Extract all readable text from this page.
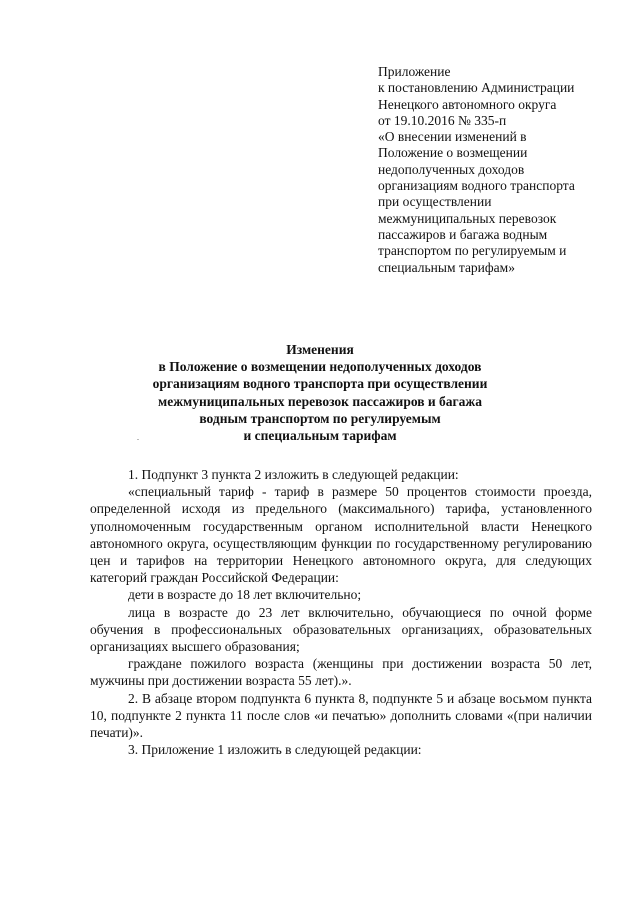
Приложение
к постановлению Администрации
Ненецкого автономного округа
от 19.10.2016 № 335-п
«О внесении изменений в
Положение о возмещении
недополученных доходов
организациям водного транспорта
при осуществлении
межмуниципальных перевозок
пассажиров и багажа водным
транспортом по регулируемым и
специальным тарифам»
Изменения
в Положение о возмещении недополученных доходов
организациям водного транспорта при осуществлении
межмуниципальных перевозок пассажиров и багажа
водным транспортом по регулируемым
и специальным тарифам

1. Подпункт 3 пункта 2 изложить в следующей редакции:

«специальный тариф - тариф в размере 50 процентов стоимости проезда, определенной исходя из предельного (максимального) тарифа, установленного уполномоченным государственным органом исполнительной власти Ненецкого автономного округа, осуществляющим функции по государственному регулированию цен и тарифов на территории Ненецкого автономного округа, для следующих категорий граждан Российской Федерации:

дети в возрасте до 18 лет включительно;

лица в возрасте до 23 лет включительно, обучающиеся по очной форме обучения в профессиональных образовательных организациях, образовательных организациях высшего образования;

граждане пожилого возраста (женщины при достижении возраста 50 лет, мужчины при достижении возраста 55 лет).».

2. В абзаце втором подпункта 6 пункта 8, подпункте 5 и абзаце восьмом пункта 10, подпункте 2 пункта 11 после слов «и печатью» дополнить словами «(при наличии печати)».

3. Приложение 1 изложить в следующей редакции:
